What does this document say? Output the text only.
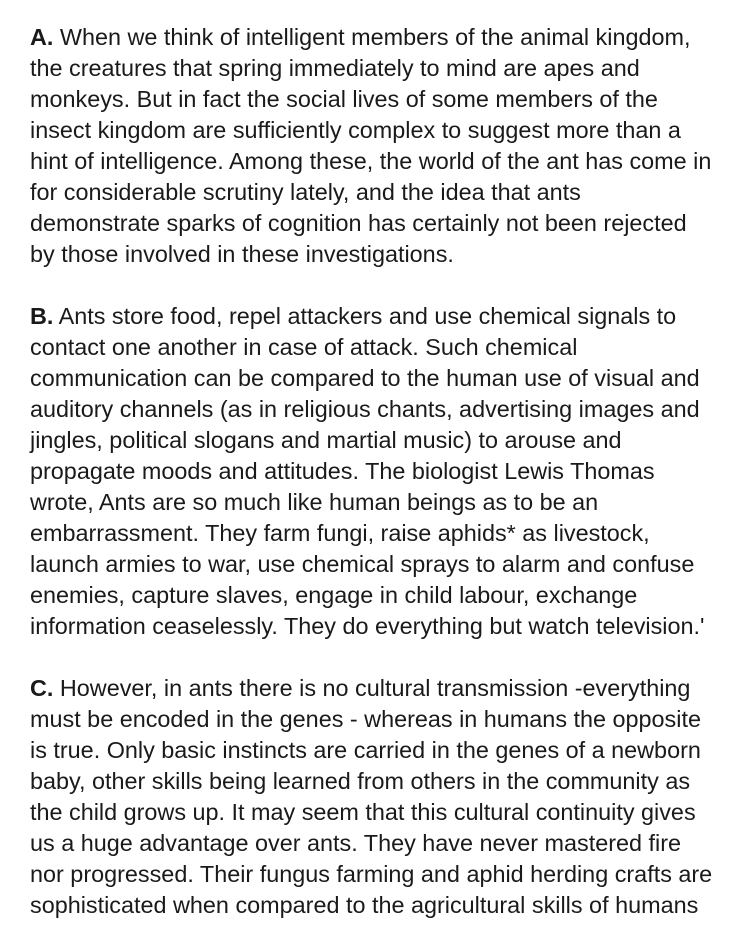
A. When we think of intelligent members of the animal kingdom,
the creatures that spring immediately to mind are apes and
monkeys. But in fact the social lives of some members of the
insect kingdom are sufficiently complex to suggest more than a
hint of intelligence. Among these, the world of the ant has come in
for considerable scrutiny lately, and the idea that ants
demonstrate sparks of cognition has certainly not been rejected
by those involved in these investigations.

B. Ants store food, repel attackers and use chemical signals to
contact one another in case of attack. Such chemical
communication can be compared to the human use of visual and
auditory channels (as in religious chants, advertising images and
jingles, political slogans and martial music) to arouse and
propagate moods and attitudes. The biologist Lewis Thomas
wrote, Ants are so much like human beings as to be an
embarrassment. They farm fungi, raise aphids* as livestock,
launch armies to war, use chemical sprays to alarm and confuse
enemies, capture slaves, engage in child labour, exchange
information ceaselessly. They do everything but watch television.'

C. However, in ants there is no cultural transmission -everything
must be encoded in the genes - whereas in humans the opposite
is true. Only basic instincts are carried in the genes of a newborn
baby, other skills being learned from others in the community as
the child grows up. It may seem that this cultural continuity gives
us a huge advantage over ants. They have never mastered fire
nor progressed. Their fungus farming and aphid herding crafts are
sophisticated when compared to the agricultural skills of humans
